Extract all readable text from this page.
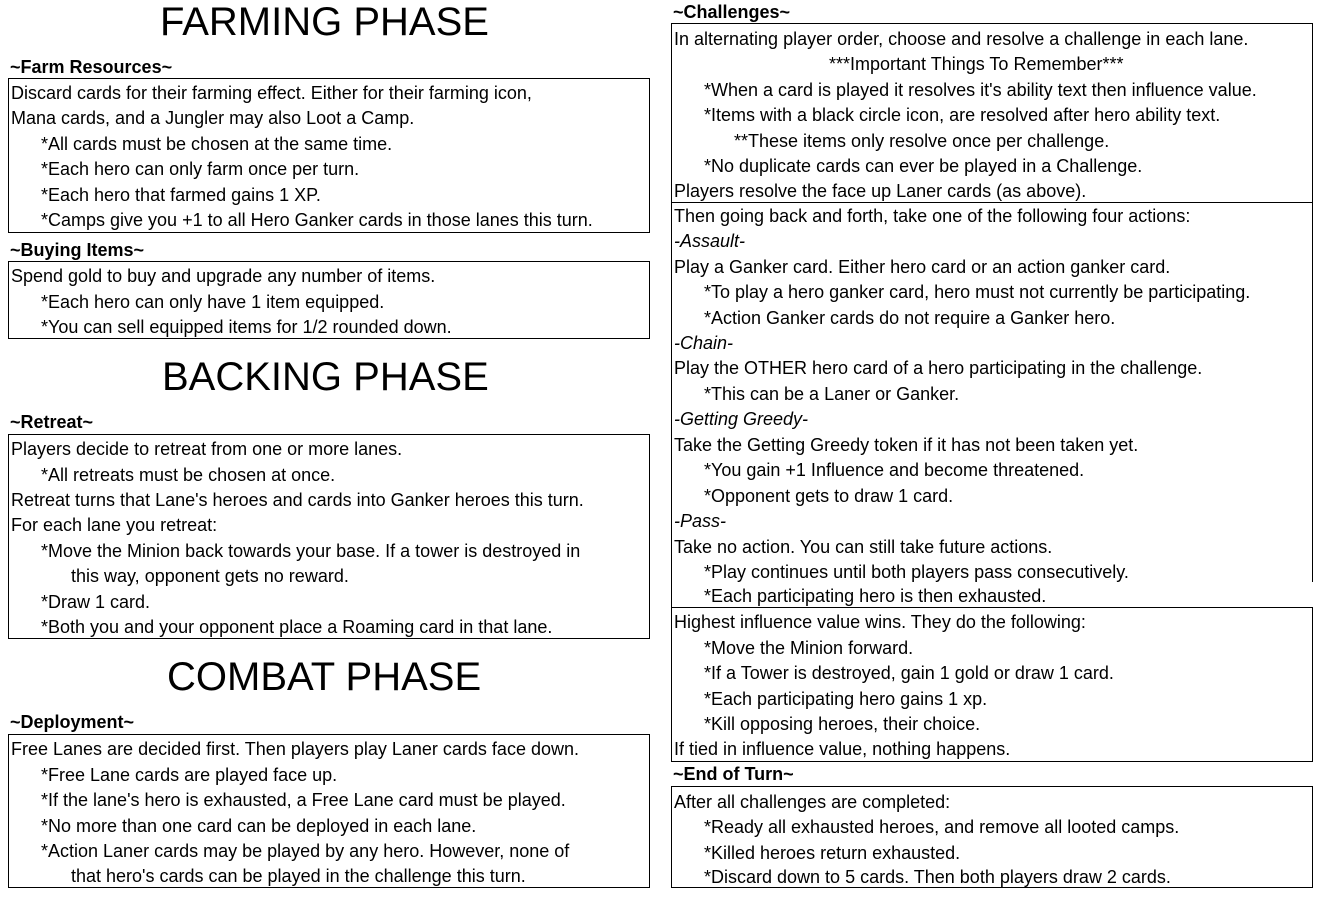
FARMING PHASE
~Farm Resources~
Discard cards for their farming effect. Either for their farming icon,
Mana cards, and a Jungler may also Loot a Camp.
*All cards must be chosen at the same time.
*Each hero can only farm once per turn.
*Each hero that farmed gains 1 XP.
*Camps give you +1 to all Hero Ganker cards in those lanes this turn.
~Buying Items~
Spend gold to buy and upgrade any number of items.
*Each hero can only have 1 item equipped.
*You can sell equipped items for 1/2 rounded down.
BACKING PHASE
~Retreat~
Players decide to retreat from one or more lanes.
*All retreats must be chosen at once.
Retreat turns that Lane's heroes and cards into Ganker heroes this turn.
For each lane you retreat:
*Move the Minion back towards your base. If a tower is destroyed in
this way, opponent gets no reward.
*Draw 1 card.
*Both you and your opponent place a Roaming card in that lane.
COMBAT PHASE
~Deployment~
Free Lanes are decided first. Then players play Laner cards face down.
*Free Lane cards are played face up.
*If the lane's hero is exhausted, a Free Lane card must be played.
*No more than one card can be deployed in each lane.
*Action Laner cards may be played by any hero. However, none of
that hero's cards can be played in the challenge this turn.
~Challenges~
In alternating player order, choose and resolve a challenge in each lane.
***Important Things To Remember***
*When a card is played it resolves it's ability text then influence value.
*Items with a black circle icon, are resolved after hero ability text.
**These items only resolve once per challenge.
*No duplicate cards can ever be played in a Challenge.
Players resolve the face up Laner cards (as above).
Then going back and forth, take one of the following four actions:
-Assault-
Play a Ganker card. Either hero card or an action ganker card.
*To play a hero ganker card, hero must not currently be participating.
*Action Ganker cards do not require a Ganker hero.
-Chain-
Play the OTHER hero card of a hero participating in the challenge.
*This can be a Laner or Ganker.
-Getting Greedy-
Take the Getting Greedy token if it has not been taken yet.
*You gain +1 Influence and become threatened.
*Opponent gets to draw 1 card.
-Pass-
Take no action. You can still take future actions.
*Play continues until both players pass consecutively.
*Each participating hero is then exhausted.
Highest influence value wins. They do the following:
*Move the Minion forward.
*If a Tower is destroyed, gain 1 gold or draw 1 card.
*Each participating hero gains 1 xp.
*Kill opposing heroes, their choice.
If tied in influence value, nothing happens.
~End of Turn~
After all challenges are completed:
*Ready all exhausted heroes, and remove all looted camps.
*Killed heroes return exhausted.
*Discard down to 5 cards. Then both players draw 2 cards.
